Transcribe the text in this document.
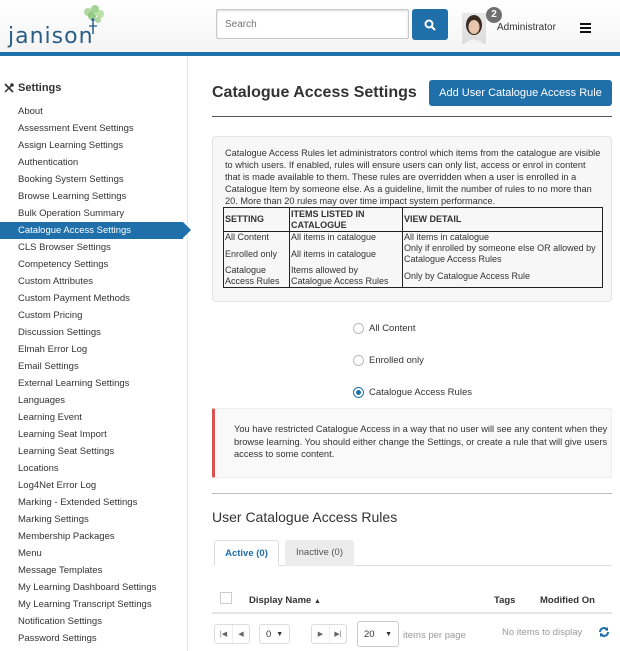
janison
Search
2
Administrator
Settings
About
Assessment Event Settings
Assign Learning Settings
Authentication
Booking System Settings
Browse Learning Settings
Bulk Operation Summary
Catalogue Access Settings
CLS Browser Settings
Competency Settings
Custom Attributes
Custom Payment Methods
Custom Pricing
Discussion Settings
Elmah Error Log
Email Settings
External Learning Settings
Languages
Learning Event
Learning Seat Import
Learning Seat Settings
Locations
Log4Net Error Log
Marking - Extended Settings
Marking Settings
Membership Packages
Menu
Message Templates
My Learning Dashboard Settings
My Learning Transcript Settings
Notification Settings
Password Settings
Catalogue Access Settings	Add User Catalogue Access Rule
Catalogue Access Rules let administrators control which items from the catalogue are visible to which users. If enabled, rules will ensure users can only list, access or enrol in content that is made available to them. These rules are overridden when a user is enrolled in a Catalogue Item by someone else. As a guideline, limit the number of rules to no more than 20. More than 20 rules may over time impact system performance.
SETTING	ITEMS LISTED IN CATALOGUE	VIEW DETAIL
All Content	All items in catalogue	All items in catalogue
Enrolled only	All items in catalogue	Only if enrolled by someone else OR allowed by Catalogue Access Rules
Catalogue Access Rules	Items allowed by Catalogue Access Rules	Only by Catalogue Access Rule
All Content
Enrolled only
Catalogue Access Rules
You have restricted Catalogue Access in a way that no user will see any content when they browse learning. You should either change the Settings, or create a rule that will give users access to some content.
User Catalogue Access Rules
Active (0)	Inactive (0)
Display Name ▲	Tags	Modified On
|◀	◀	0 ▼	▶	▶|	20 ▼ items per page	No items to display
